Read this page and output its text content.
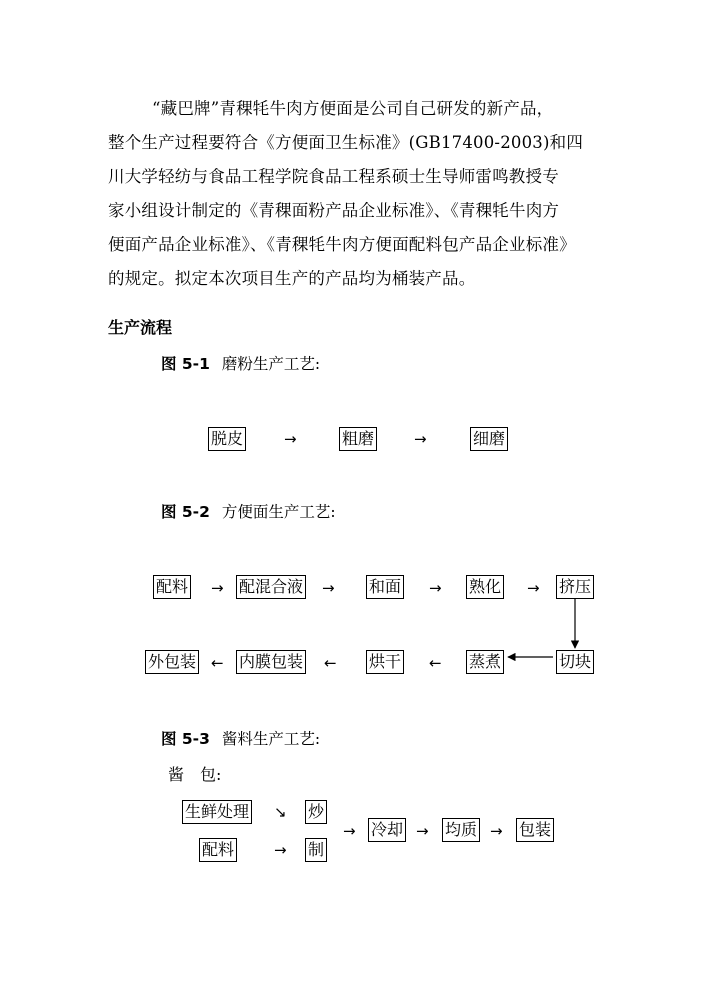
“藏巴牌”青稞牦牛肉方便面是公司自己研发的新产品，
整个生产过程要符合《方便面卫生标准》(GB17400-2003)和四
川大学轻纺与食品工程学院食品工程系硕士生导师雷鸣教授专
家小组设计制定的《青稞面粉产品企业标准》、《青稞牦牛肉方
便面产品企业标准》、《青稞牦牛肉方便面配料包产品企业标准》
的规定。拟定本次项目生产的产品均为桶装产品。
生产流程
图 5-1 磨粉生产工艺:
脱皮	→	粗磨	→	细磨
图 5-2 方便面生产工艺:
配料 → 配混合液 → 和面 → 熟化 → 挤压
外包装 ← 内膜包装 ← 烘干 ← 蒸煮	切块
图 5-3 酱料生产工艺:
酱　包:
生鲜处理 ↘ 炒
配料	→ 制
→ 冷却 → 均质 → 包装
